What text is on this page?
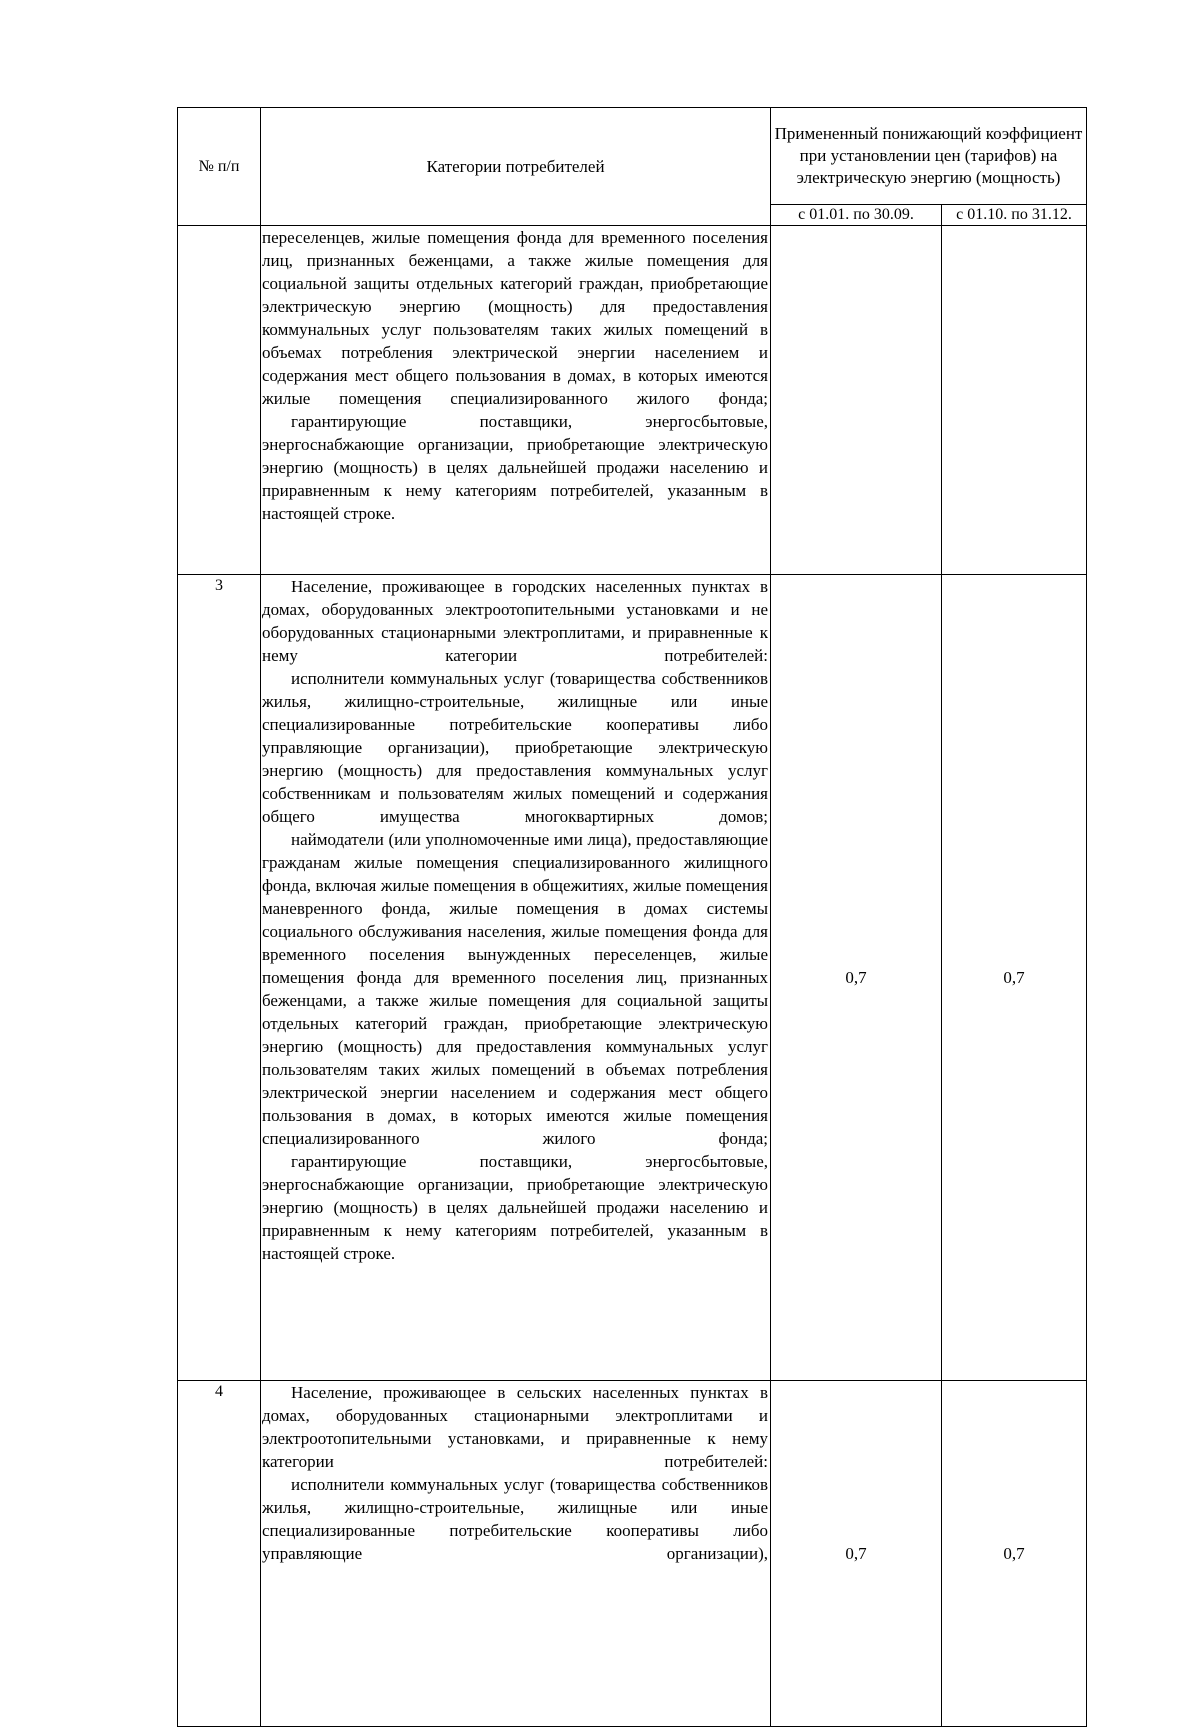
№ п/п	Категории потребителей	Примененный понижающий коэффициент при установлении цен (тарифов) на электрическую энергию (мощность)	
		с 01.01. по 30.09.	с 01.10. по 31.12.

	переселенцев, жилые помещения фонда для временного поселения лиц, признанных беженцами, а также жилые помещения для социальной защиты отдельных категорий граждан, приобретающие электрическую энергию (мощность) для предоставления коммунальных услуг пользователям таких жилых помещений в объемах потребления электрической энергии населением и содержания мест общего пользования в домах, в которых имеются жилые помещения специализированного жилого фонда;

гарантирующие поставщики, энергосбытовые, энергоснабжающие организации, приобретающие электрическую энергию (мощность) в целях дальнейшей продажи населению и приравненным к нему категориям потребителей, указанным в настоящей строке.		

3	Население, проживающее в городских населенных пунктах в домах, оборудованных электроотопительными установками и не оборудованных стационарными электроплитами, и приравненные к нему категории потребителей:

исполнители коммунальных услуг (товарищества собственников жилья, жилищно-строительные, жилищные или иные специализированные потребительские кооперативы либо управляющие организации), приобретающие электрическую энергию (мощность) для предоставления коммунальных услуг собственникам и пользователям жилых помещений и содержания общего имущества многоквартирных домов;

наймодатели (или уполномоченные ими лица), предоставляющие гражданам жилые помещения специализированного жилищного фонда, включая жилые помещения в общежитиях, жилые помещения маневренного фонда, жилые помещения в домах системы социального обслуживания населения, жилые помещения фонда для временного поселения вынужденных переселенцев, жилые помещения фонда для временного поселения лиц, признанных беженцами, а также жилые помещения для социальной защиты отдельных категорий граждан, приобретающие электрическую энергию (мощность) для предоставления коммунальных услуг пользователям таких жилых помещений в объемах потребления электрической энергии населением и содержания мест общего пользования в домах, в которых имеются жилые помещения специализированного жилого фонда;

гарантирующие поставщики, энергосбытовые, энергоснабжающие организации, приобретающие электрическую энергию (мощность) в целях дальнейшей продажи населению и приравненным к нему категориям потребителей, указанным в настоящей строке.	0,7	0,7
4	Население, проживающее в сельских населенных пунктах в домах, оборудованных стационарными электроплитами и электроотопительными установками, и приравненные к нему категории потребителей:

исполнители коммунальных услуг (товарищества собственников жилья, жилищно-строительные, жилищные или иные специализированные потребительские кооперативы либо управляющие организации),	0,7	0,7
